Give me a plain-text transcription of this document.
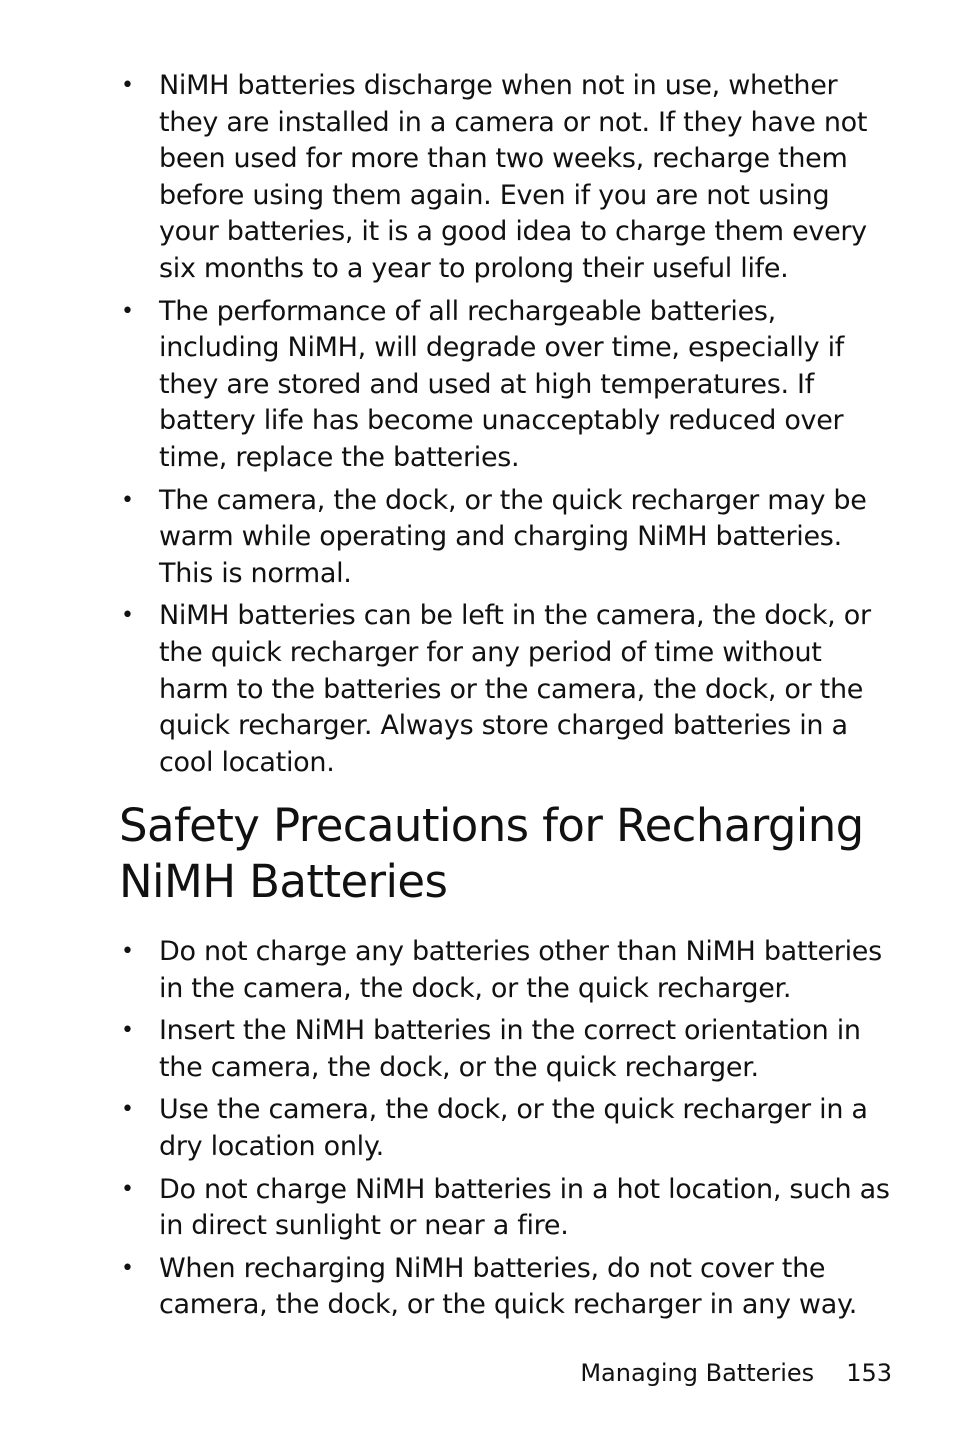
• NiMH batteries discharge when not in use, whether they are installed in a camera or not. If they have not been used for more than two weeks, recharge them before using them again. Even if you are not using your batteries, it is a good idea to charge them every six months to a year to prolong their useful life.
• The performance of all rechargeable batteries, including NiMH, will degrade over time, especially if they are stored and used at high temperatures. If battery life has become unacceptably reduced over time, replace the batteries.
• The camera, the dock, or the quick recharger may be warm while operating and charging NiMH batteries. This is normal.
• NiMH batteries can be left in the camera, the dock, or the quick recharger for any period of time without harm to the batteries or the camera, the dock, or the quick recharger. Always store charged batteries in a cool location.
Safety Precautions for Recharging
NiMH Batteries
• Do not charge any batteries other than NiMH batteries in the camera, the dock, or the quick recharger.
• Insert the NiMH batteries in the correct orientation in the camera, the dock, or the quick recharger.
• Use the camera, the dock, or the quick recharger in a dry location only.
• Do not charge NiMH batteries in a hot location, such as in direct sunlight or near a fire.
• When recharging NiMH batteries, do not cover the camera, the dock, or the quick recharger in any way.
Managing Batteries 153
